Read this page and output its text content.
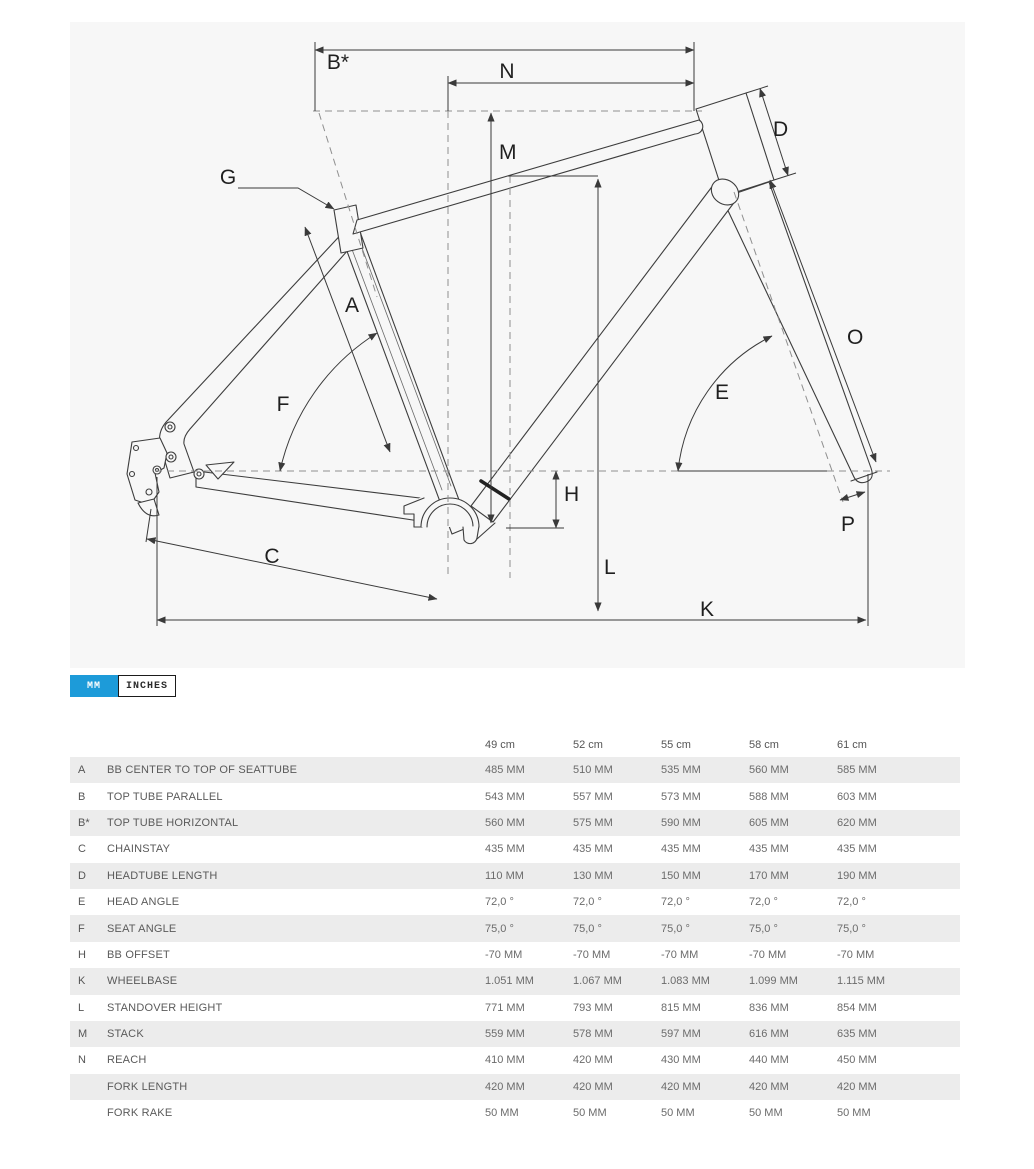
B*	N
M
D
G
A
F
E
O
H
C	L
K
P
MM	INCHES
49 cm	52 cm	55 cm	58 cm	61 cm
A	BB CENTER TO TOP OF SEATTUBE	485 MM	510 MM	535 MM	560 MM	585 MM
B	TOP TUBE PARALLEL	543 MM	557 MM	573 MM	588 MM	603 MM
B*	TOP TUBE HORIZONTAL	560 MM	575 MM	590 MM	605 MM	620 MM
C	CHAINSTAY	435 MM	435 MM	435 MM	435 MM	435 MM
D	HEADTUBE LENGTH	110 MM	130 MM	150 MM	170 MM	190 MM
E	HEAD ANGLE	72,0 °	72,0 °	72,0 °	72,0 °	72,0 °
F	SEAT ANGLE	75,0 °	75,0 °	75,0 °	75,0 °	75,0 °
H	BB OFFSET	-70 MM	-70 MM	-70 MM	-70 MM	-70 MM
K	WHEELBASE	1.051 MM	1.067 MM	1.083 MM	1.099 MM	1.115 MM
L	STANDOVER HEIGHT	771 MM	793 MM	815 MM	836 MM	854 MM
M	STACK	559 MM	578 MM	597 MM	616 MM	635 MM
N	REACH	410 MM	420 MM	430 MM	440 MM	450 MM
FORK LENGTH	420 MM	420 MM	420 MM	420 MM	420 MM
FORK RAKE	50 MM	50 MM	50 MM	50 MM	50 MM
